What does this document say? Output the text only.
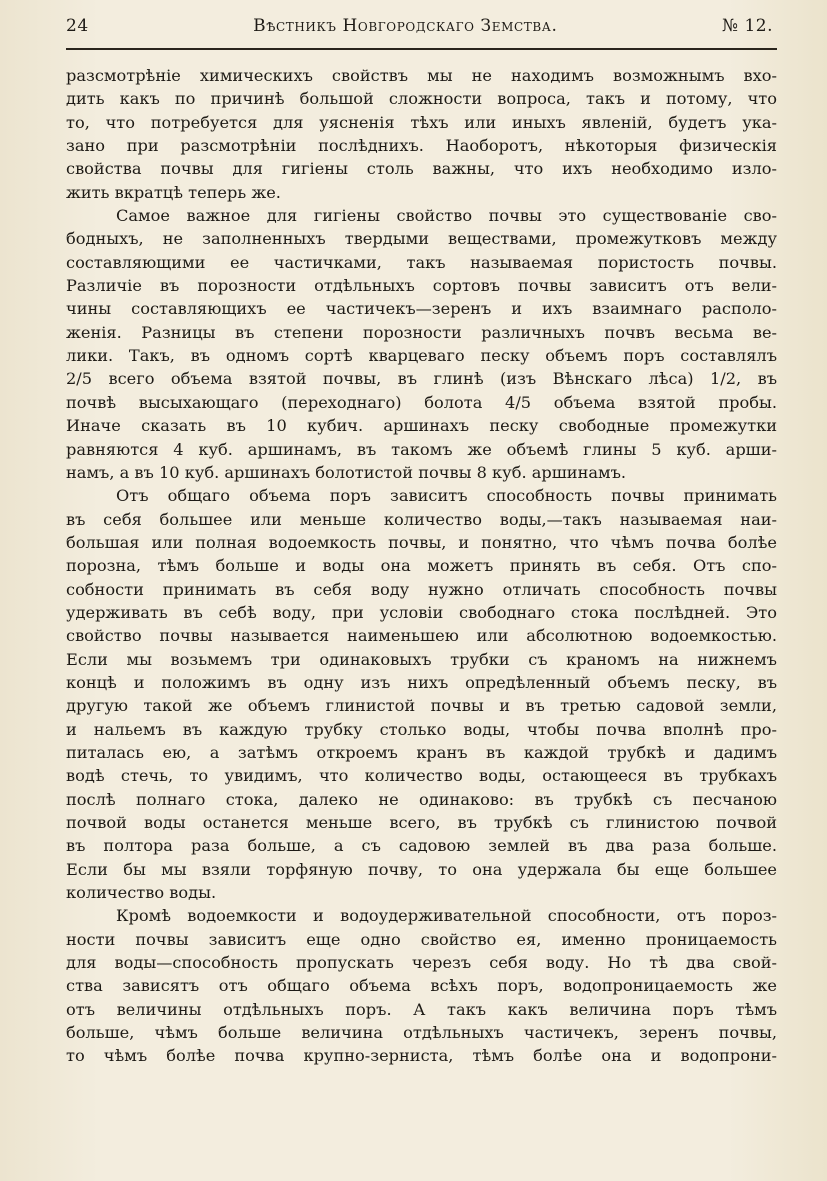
24	Вѣстникъ Новгородскаго Земства.	№ 12.
разсмотрѣніе химическихъ свойствъ мы не находимъ возможнымъ вхо-
дить какъ по причинѣ большой сложности вопроса, такъ и потому, что
то, что потребуется для уясненія тѣхъ или иныхъ явленій, будетъ ука-
зано при разсмотрѣніи послѣднихъ. Наоборотъ, нѣкоторыя физическія
свойства почвы для гигіены столь важны, что ихъ необходимо изло-
жить вкратцѣ теперь же.
Самое важное для гигіены свойство почвы это существованіе сво-
бодныхъ, не заполненныхъ твердыми веществами, промежутковъ между
составляющими ее частичками, такъ называемая пористость почвы.
Различіе въ порозности отдѣльныхъ сортовъ почвы зависитъ отъ вели-
чины составляющихъ ее частичекъ—зеренъ и ихъ взаимнаго располо-
женія. Разницы въ степени порозности различныхъ почвъ весьма ве-
лики. Такъ, въ одномъ сортѣ кварцеваго песку объемъ поръ составлялъ
2/5 всего объема взятой почвы, въ глинѣ (изъ Вѣнскаго лѣса) 1/2, въ
почвѣ высыхающаго (переходнаго) болота 4/5 объема взятой пробы.
Иначе сказать въ 10 кубич. аршинахъ песку свободные промежутки
равняются 4 куб. аршинамъ, въ такомъ же объемѣ глины 5 куб. арши-
намъ, а въ 10 куб. аршинахъ болотистой почвы 8 куб. аршинамъ.
Отъ общаго объема поръ зависитъ способность почвы принимать
въ себя большее или меньше количество воды,—такъ называемая наи-
большая или полная водоемкость почвы, и понятно, что чѣмъ почва болѣе
порозна, тѣмъ больше и воды она можетъ принять въ себя. Отъ спо-
собности принимать въ себя воду нужно отличать способность почвы
удерживать въ себѣ воду, при условіи свободнаго стока послѣдней. Это
свойство почвы называется наименьшею или абсолютною водоемкостью.
Если мы возьмемъ три одинаковыхъ трубки съ краномъ на нижнемъ
концѣ и положимъ въ одну изъ нихъ опредѣленный объемъ песку, въ
другую такой же объемъ глинистой почвы и въ третью садовой земли,
и нальемъ въ каждую трубку столько воды, чтобы почва вполнѣ про-
питалась ею, а затѣмъ откроемъ кранъ въ каждой трубкѣ и дадимъ
водѣ стечь, то увидимъ, что количество воды, остающееся въ трубкахъ
послѣ полнаго стока, далеко не одинаково: въ трубкѣ съ песчаною
почвой воды останется меньше всего, въ трубкѣ съ глинистою почвой
въ полтора раза больше, а съ садовою землей въ два раза больше.
Если бы мы взяли торфяную почву, то она удержала бы еще большее
количество воды.
Кромѣ водоемкости и водоудерживательной способности, отъ пороз-
ности почвы зависитъ еще одно свойство ея, именно проницаемость
для воды—способность пропускать черезъ себя воду. Но тѣ два свой-
ства зависятъ отъ общаго объема всѣхъ поръ, водопроницаемость же
отъ величины отдѣльныхъ поръ. А такъ какъ величина поръ тѣмъ
больше, чѣмъ больше величина отдѣльныхъ частичекъ, зеренъ почвы,
то чѣмъ болѣе почва крупно-зерниста, тѣмъ болѣе она и водопрони-
